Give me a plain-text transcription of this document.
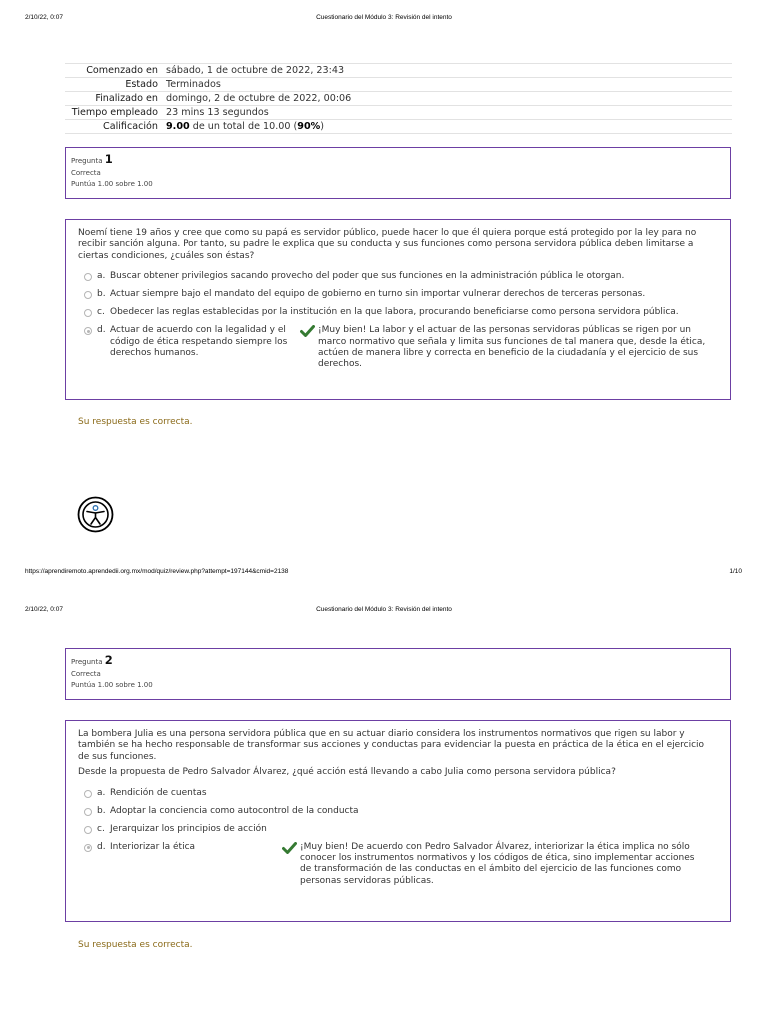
2/10/22, 0:07	Cuestionario del Módulo 3: Revisión del intento
Comenzado en	sábado, 1 de octubre de 2022, 23:43
Estado	Terminados
Finalizado en	domingo, 2 de octubre de 2022, 00:06
Tiempo empleado	23 mins 13 segundos
Calificación	9.00 de un total de 10.00 (90%)
Pregunta 1
Correcta
Puntúa 1.00 sobre 1.00

Noemí tiene 19 años y cree que como su papá es servidor público, puede hacer lo que él quiera porque está protegido por la ley para no recibir sanción alguna. Por tanto, su padre le explica que su conducta y sus funciones como persona servidora pública deben limitarse a ciertas condiciones, ¿cuáles son éstas?

a. Buscar obtener privilegios sacando provecho del poder que sus funciones en la administración pública le otorgan.
b. Actuar siempre bajo el mandato del equipo de gobierno en turno sin importar vulnerar derechos de terceras personas.
c. Obedecer las reglas establecidas por la institución en la que labora, procurando beneficiarse como persona servidora pública.
d. Actuar de acuerdo con la legalidad y el código de ética respetando siempre los derechos humanos.
¡Muy bien! La labor y el actuar de las personas servidoras públicas se rigen por un marco normativo que señala y limita sus funciones de tal manera que, desde la ética, actúen de manera libre y correcta en beneficio de la ciudadanía y el ejercicio de sus derechos.
Su respuesta es correcta.
https://aprendiremoto.aprendedii.org.mx/mod/quiz/review.php?attempt=197144&cmid=2138	1/10
2/10/22, 0:07	Cuestionario del Módulo 3: Revisión del intento
Pregunta 2
Correcta
Puntúa 1.00 sobre 1.00

La bombera Julia es una persona servidora pública que en su actuar diario considera los instrumentos normativos que rigen su labor y también se ha hecho responsable de transformar sus acciones y conductas para evidenciar la puesta en práctica de la ética en el ejercicio de sus funciones.

Desde la propuesta de Pedro Salvador Álvarez, ¿qué acción está llevando a cabo Julia como persona servidora pública?

a. Rendición de cuentas
b. Adoptar la conciencia como autocontrol de la conducta
c. Jerarquizar los principios de acción
d. Interiorizar la ética	¡Muy bien! De acuerdo con Pedro Salvador Álvarez, interiorizar la ética implica no sólo conocer los instrumentos normativos y los códigos de ética, sino implementar acciones de transformación de las conductas en el ámbito del ejercicio de las funciones como personas servidoras públicas.
Su respuesta es correcta.
